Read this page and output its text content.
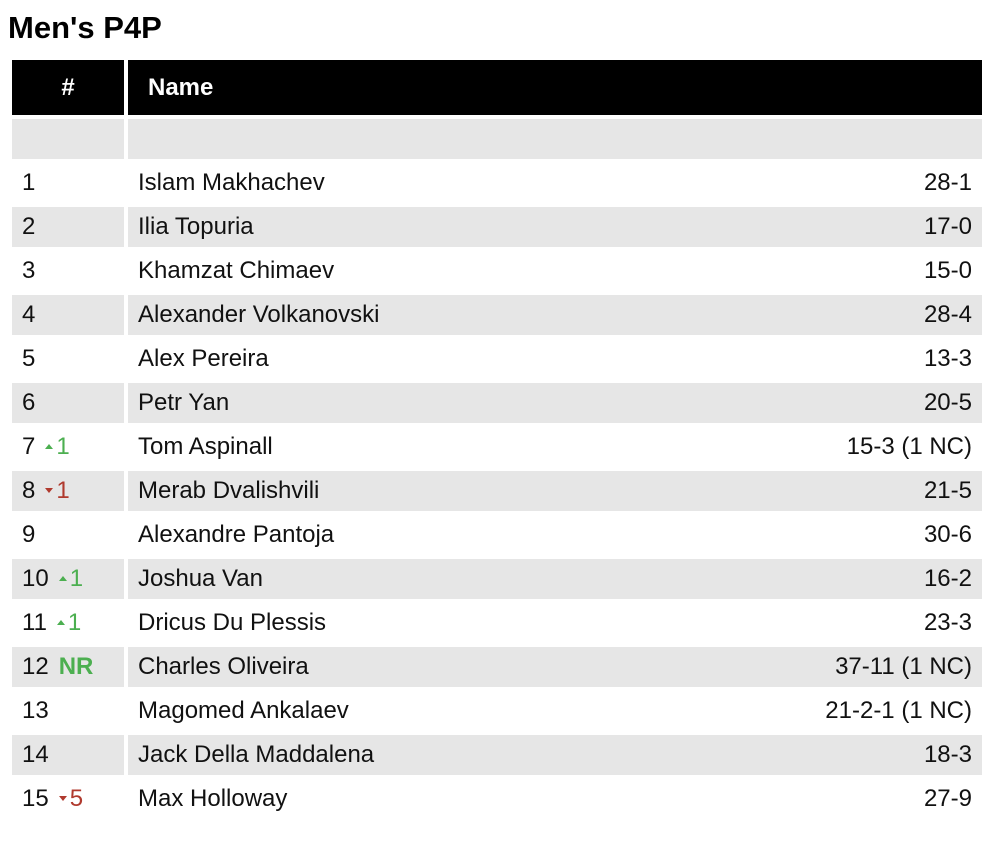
Men's P4P
#	Name

1	Islam Makhachev 28-1

2	Ilia Topuria 17-0

3	Khamzat Chimaev 15-0

4	Alexander Volkanovski 28-4

5	Alex Pereira 13-3

6	Petr Yan 20-5

7 1	Tom Aspinall 15-3 (1 NC)

8 1	Merab Dvalishvili 21-5

9	Alexandre Pantoja 30-6

10 1	Joshua Van 16-2

11 1	Dricus Du Plessis 23-3

12 NR	Charles Oliveira 37-11 (1 NC)

13	Magomed Ankalaev 21-2-1 (1 NC)

14	Jack Della Maddalena 18-3

15 5	Max Holloway 27-9
